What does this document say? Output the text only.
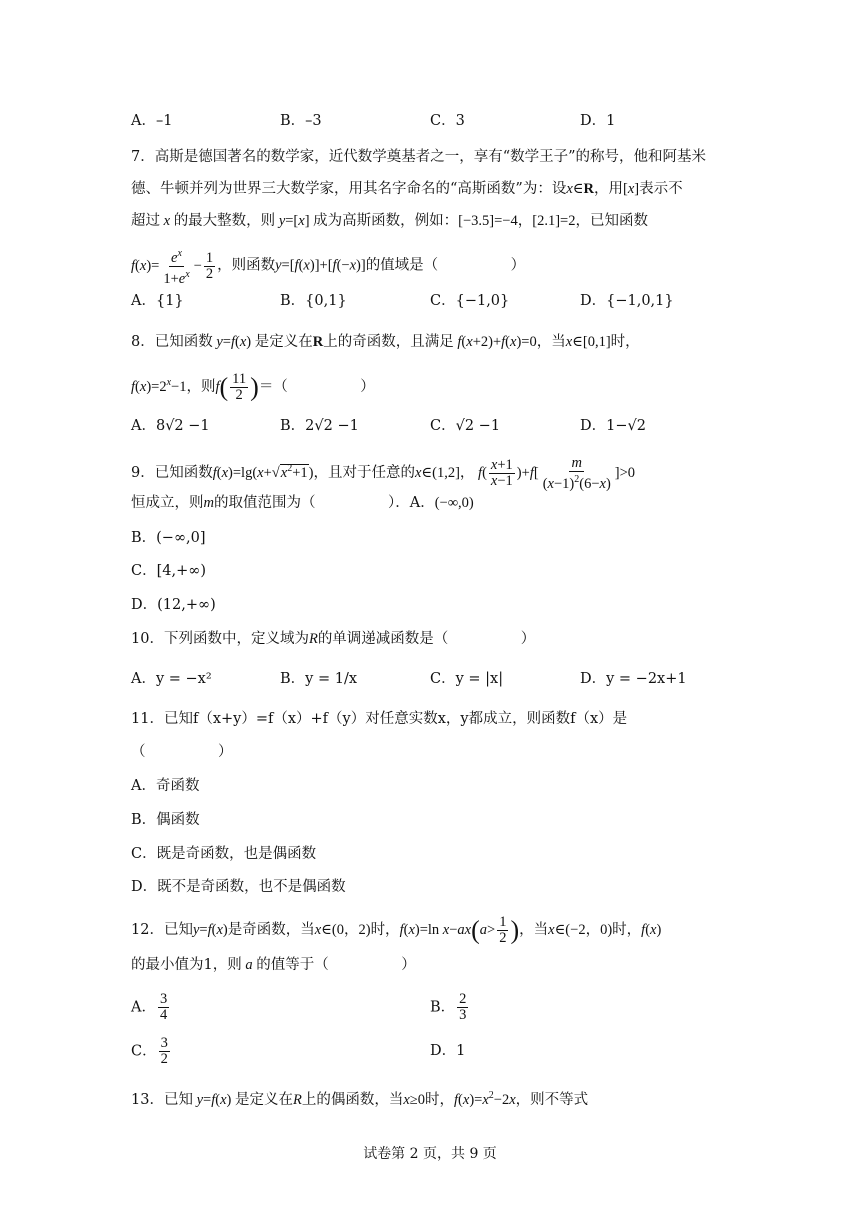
A．–1	B．–3	C．3	D．1
7．高斯是德国著名的数学家，近代数学奠基者之一，享有“数学王子”的称号，他和阿基米
德、牛顿并列为世界三大数学家，用其名字命名的“高斯函数”为：设x∈R，用[x]表示不
超过 x 的最大整数，则 y=[x] 成为高斯函数，例如：[−3.5]=−4，[2.1]=2，已知函数
$f(x)= \frac{e^x}{1+e^x} - \frac{1}{2}$ ，则函数y=[f(x)]+[f(−x)]的值域是（　　　　　）
A．{1}	B．{0,1}	C．{−1,0}	D．{−1,0,1}
8．已知函数 y=f(x) 是定义在R上的奇函数，且满足 f(x+2)+f(x)=0，当x∈[0,1]时，
$f(x)=2^x-1$，则$f( \frac{11}{2}$ )＝（　　　　　）
A．8√2 −1	B．2√2 −1	C．√2 −1	D．1−√2
9．已知函数$f(x)=\lg(x+√x^2+1)$，且对于任意的x∈(1,2]， $f( \frac{x+1}{x-1} )+f[ \frac{m}{(x-1)^2(6-x)} ]>0$
恒成立，则m的取值范围为（　　　　　）．A．(−∞,0)
B．(−∞,0]
C．[4,+∞)
D．(12,+∞)
10．下列函数中，定义域为R的单调递减函数是（　　　　　）
A．y = −x²	B．y = 1/x	C．y = |x|	D．y = −2x+1
11．已知f（x+y）=f（x）+f（y）对任意实数x，y都成立，则函数f（x）是
（　　　　　）
A．奇函数
B．偶函数
C．既是奇函数，也是偶函数
D．既不是奇函数，也不是偶函数
12．已知y=f(x)是奇函数，当x∈(0，2)时，f(x)=ln $x-ax(a> \frac{1}{2}$ )，当x∈(−2，0)时，f(x)
的最小值为1，则 a 的值等于（　　　　　）
A． $\frac{3}{4}$	B． $\frac{2}{3}$
C． $\frac{3}{2}$	D．1
13．已知 y=f(x) 是定义在R上的偶函数，当x≥0时，$f(x)=x^2-2x$，则不等式
试卷第 2 页，共 9 页
